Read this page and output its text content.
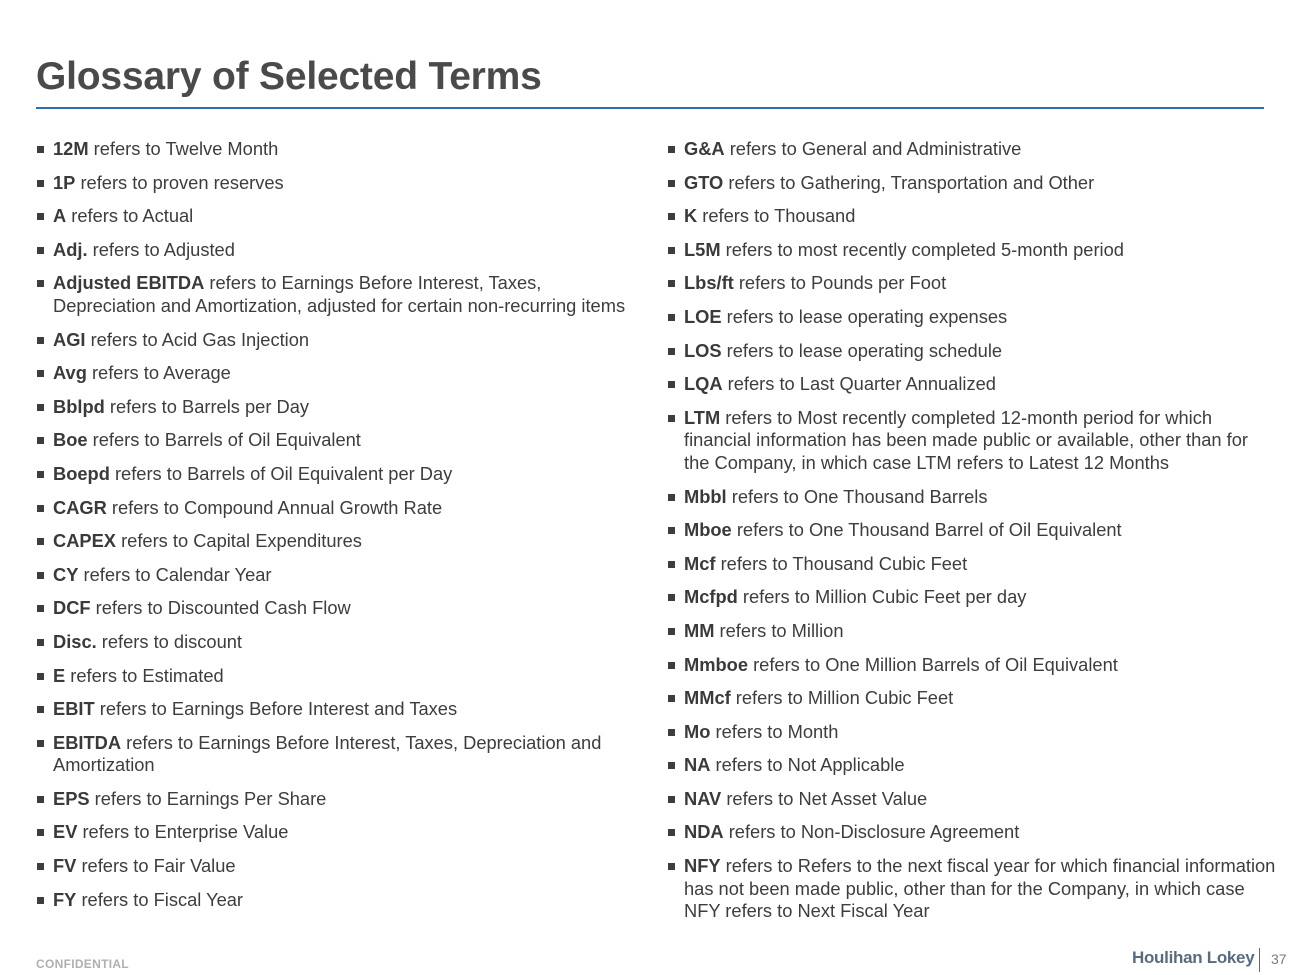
Glossary of Selected Terms
12M refers to Twelve Month
1P refers to proven reserves
A refers to Actual
Adj. refers to Adjusted
Adjusted EBITDA refers to Earnings Before Interest, Taxes, Depreciation and Amortization, adjusted for certain non-recurring items
AGI refers to Acid Gas Injection
Avg refers to Average
Bblpd refers to Barrels per Day
Boe refers to Barrels of Oil Equivalent
Boepd refers to Barrels of Oil Equivalent per Day
CAGR refers to Compound Annual Growth Rate
CAPEX refers to Capital Expenditures
CY refers to Calendar Year
DCF refers to Discounted Cash Flow
Disc. refers to discount
E refers to Estimated
EBIT refers to Earnings Before Interest and Taxes
EBITDA refers to Earnings Before Interest, Taxes, Depreciation and Amortization
EPS refers to Earnings Per Share
EV refers to Enterprise Value
FV refers to Fair Value
FY refers to Fiscal Year
G&A refers to General and Administrative
GTO refers to Gathering, Transportation and Other
K refers to Thousand
L5M refers to most recently completed 5-month period
Lbs/ft refers to Pounds per Foot
LOE refers to lease operating expenses
LOS refers to lease operating schedule
LQA refers to Last Quarter Annualized
LTM refers to Most recently completed 12-month period for which financial information has been made public or available, other than for the Company, in which case LTM refers to Latest 12 Months
Mbbl refers to One Thousand Barrels
Mboe refers to One Thousand Barrel of Oil Equivalent
Mcf refers to Thousand Cubic Feet
Mcfpd refers to Million Cubic Feet per day
MM refers to Million
Mmboe refers to One Million Barrels of Oil Equivalent
MMcf refers to Million Cubic Feet
Mo refers to Month
NA refers to Not Applicable
NAV refers to Net Asset Value
NDA refers to Non-Disclosure Agreement
NFY refers to Refers to the next fiscal year for which financial information has not been made public, other than for the Company, in which case NFY refers to Next Fiscal Year
CONFIDENTIAL	Houlihan Lokey 37
